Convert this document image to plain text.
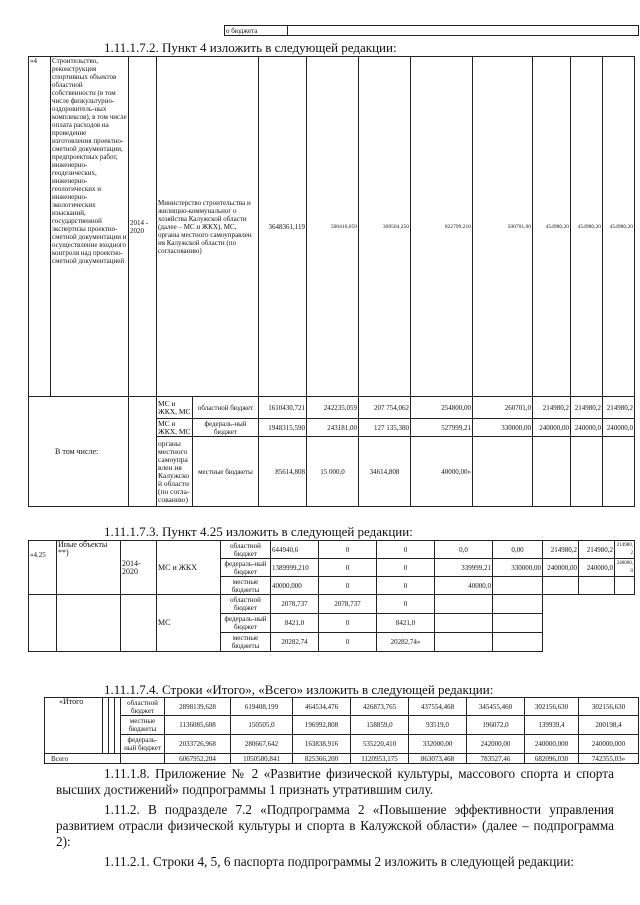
	о бюджета	
1.11.1.7.2. Пункт 4 изложить в следующей редакции:
«4	Строительство, реконструкция спортивных объектов областной собственности (в том числе физкультурно-оздоровитель-ных комплексов), в том числе оплата расходов на проведение изготовления проектно-сметной документации, предпроектных работ, инженерно-геодезических, инженерно-геологических и инженерно-экологических изысканий, государственной экспертизы проектно-сметной документации и осуществление входного контроля над проектно-сметной документацией	2014 - 2020	Министерство строительства и жилищно-коммунальног о хозяйства Калужской области (далее – МС и ЖКХ), МС, органы местного самоуправлен ия Калужской области (по согласованию)		3648361,119	500416,059	369504,250	822799,210	500701,00	454980,20	454980,20	454980,20
В том числе:			МС и ЖКХ, МС	областной бюджет	1610430,721	242235,059	207 754,062	254800,00	260701,0	214980,2	214980,2	214980,2
			МС и ЖКХ, МС	федераль-ный бюджет	1948315,590	243181,00	127 135,380	527999,21	330000,00	240000,00	240000,0	240000,0
			органы местного самоуправлен ия Калужской области (по согла-сованию)	местные бюджеты	85614,808	15 000,0	34614,808	40000,00»				
1.11.1.7.3. Пункт 4.25 изложить в следующей редакции:
«4.25	Иные объекты **)	2014- 2020	МС и ЖКХ	областной бюджет	644940,6	0	0	0,0	0,00	214980,2	214980,2	214980,2
				федераль-ный бюджет	1389999,210	0	0	339999,21	330000,00	240000,00	240000,0	240000,0
				местные бюджеты	40000,000	0	0	40000,0				
			МС	областной бюджет	2078,737	2078,737	0					
				федераль-ный бюджет	8421,0	0	8421,0					
				местные бюджеты	20282,74	0	20282,74»					
1.11.1.7.4. Строки «Итого», «Всего» изложить в следующей редакции:
«Итого				областной бюджет	2898139,628	619408,199	464534,476	426873,765	437554,468	345455,460	302156,630	302156,630
				местные бюджеты	1136085,608	150505,0	196992,808	158859,0	93519,0	196072,0	139939,4	200198,4
				федераль-ный бюджет	2033726,968	280667,642	163838,916	535220,410	332000,00	242000,00	240000,000	240000,000
Всего					6067952,204	1050580,841	825366,200	1120953,175	863073,468	783527,46	682096,030	742355,03»
1.11.1.8. Приложение № 2 «Развитие физической культуры, массового спорта и спорта высших достижений» подпрограммы 1 признать утратившим силу.
1.11.2. В подразделе 7.2 «Подпрограмма 2 «Повышение эффективности управления развитием отрасли физической культуры и спорта в Калужской области» (далее – подпрограмма 2):
1.11.2.1. Строки 4, 5, 6 паспорта подпрограммы 2 изложить в следующей редакции:
